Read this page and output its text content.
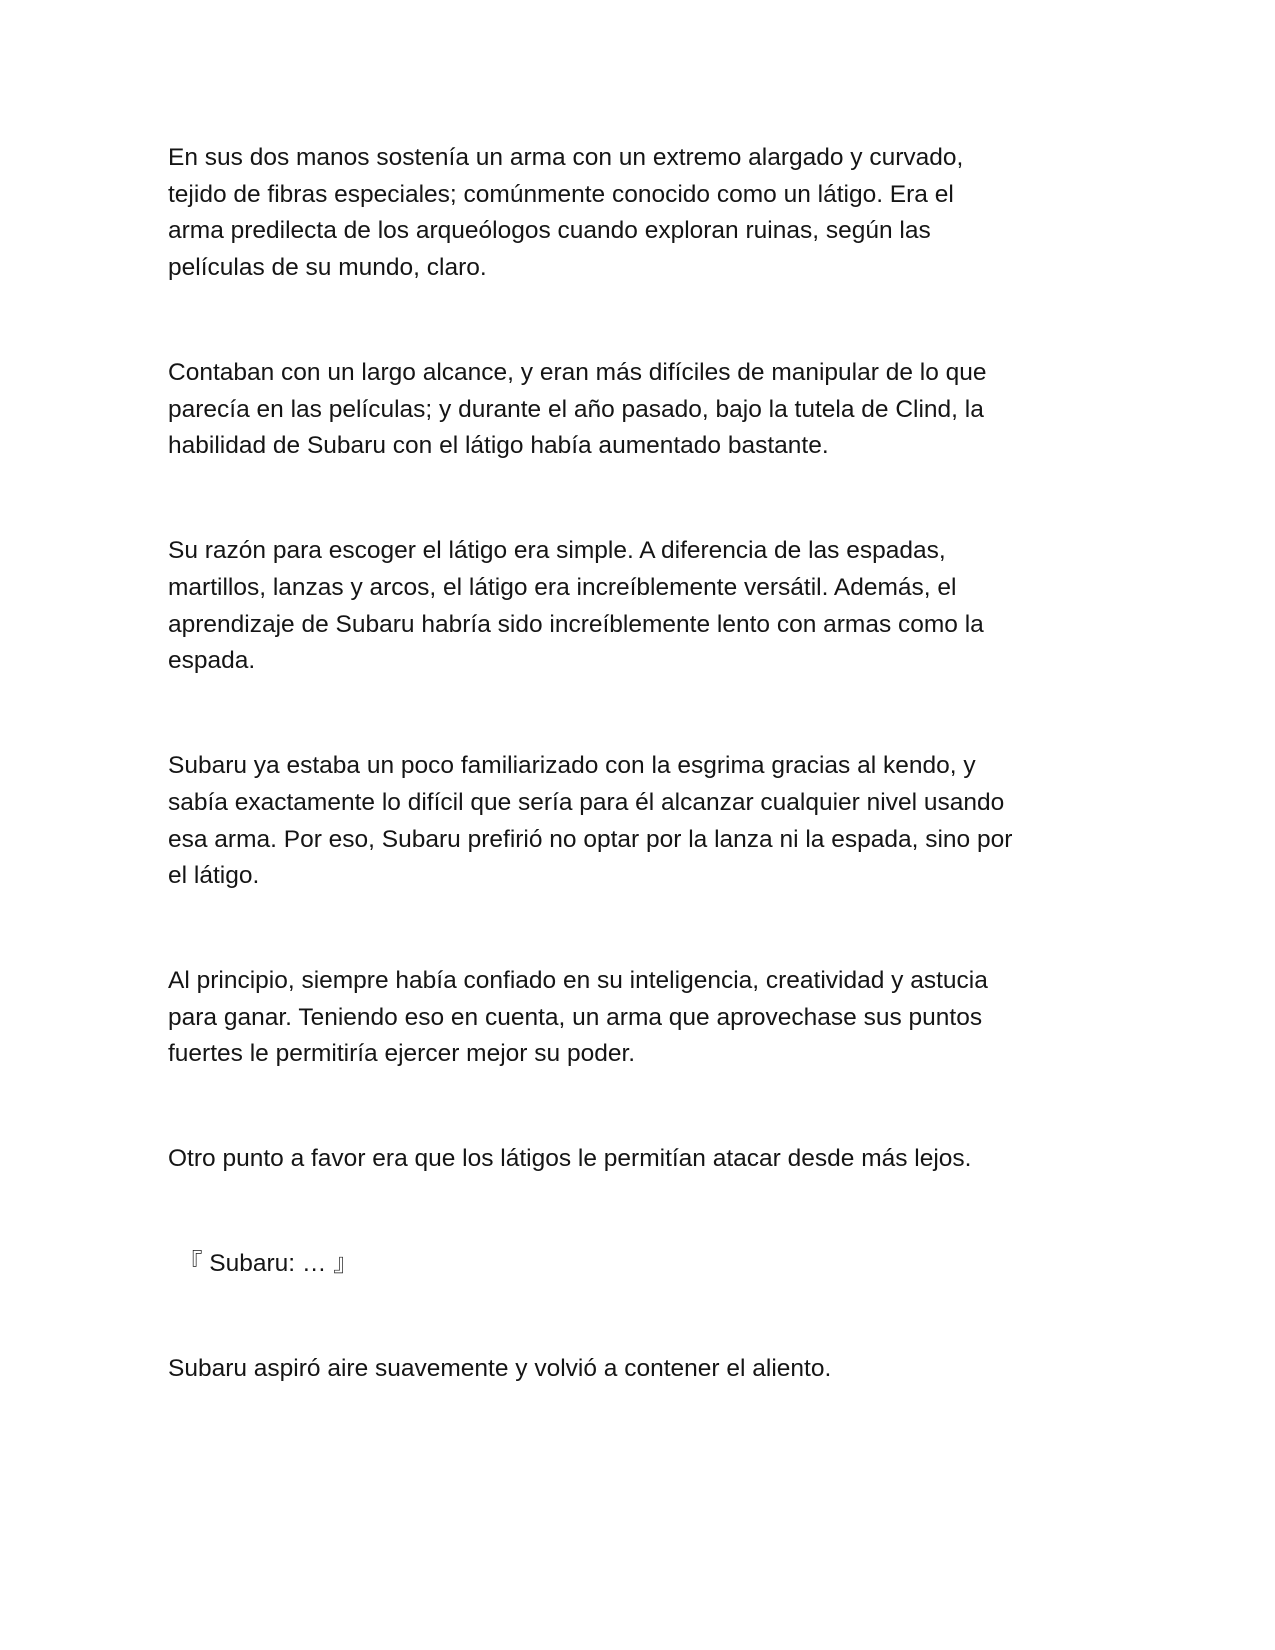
En sus dos manos sostenía un arma con un extremo alargado y curvado,
tejido de fibras especiales; comúnmente conocido como un látigo. Era el
arma predilecta de los arqueólogos cuando exploran ruinas, según las
películas de su mundo, claro.
Contaban con un largo alcance, y eran más difíciles de manipular de lo que
parecía en las películas; y durante el año pasado, bajo la tutela de Clind, la
habilidad de Subaru con el látigo había aumentado bastante.
Su razón para escoger el látigo era simple. A diferencia de las espadas,
martillos, lanzas y arcos, el látigo era increíblemente versátil. Además, el
aprendizaje de Subaru habría sido increíblemente lento con armas como la
espada.
Subaru ya estaba un poco familiarizado con la esgrima gracias al kendo, y
sabía exactamente lo difícil que sería para él alcanzar cualquier nivel usando
esa arma. Por eso, Subaru prefirió no optar por la lanza ni la espada, sino por
el látigo.
Al principio, siempre había confiado en su inteligencia, creatividad y astucia
para ganar. Teniendo eso en cuenta, un arma que aprovechase sus puntos
fuertes le permitiría ejercer mejor su poder.
Otro punto a favor era que los látigos le permitían atacar desde más lejos.
『 Subaru: … 』
Subaru aspiró aire suavemente y volvió a contener el aliento.
